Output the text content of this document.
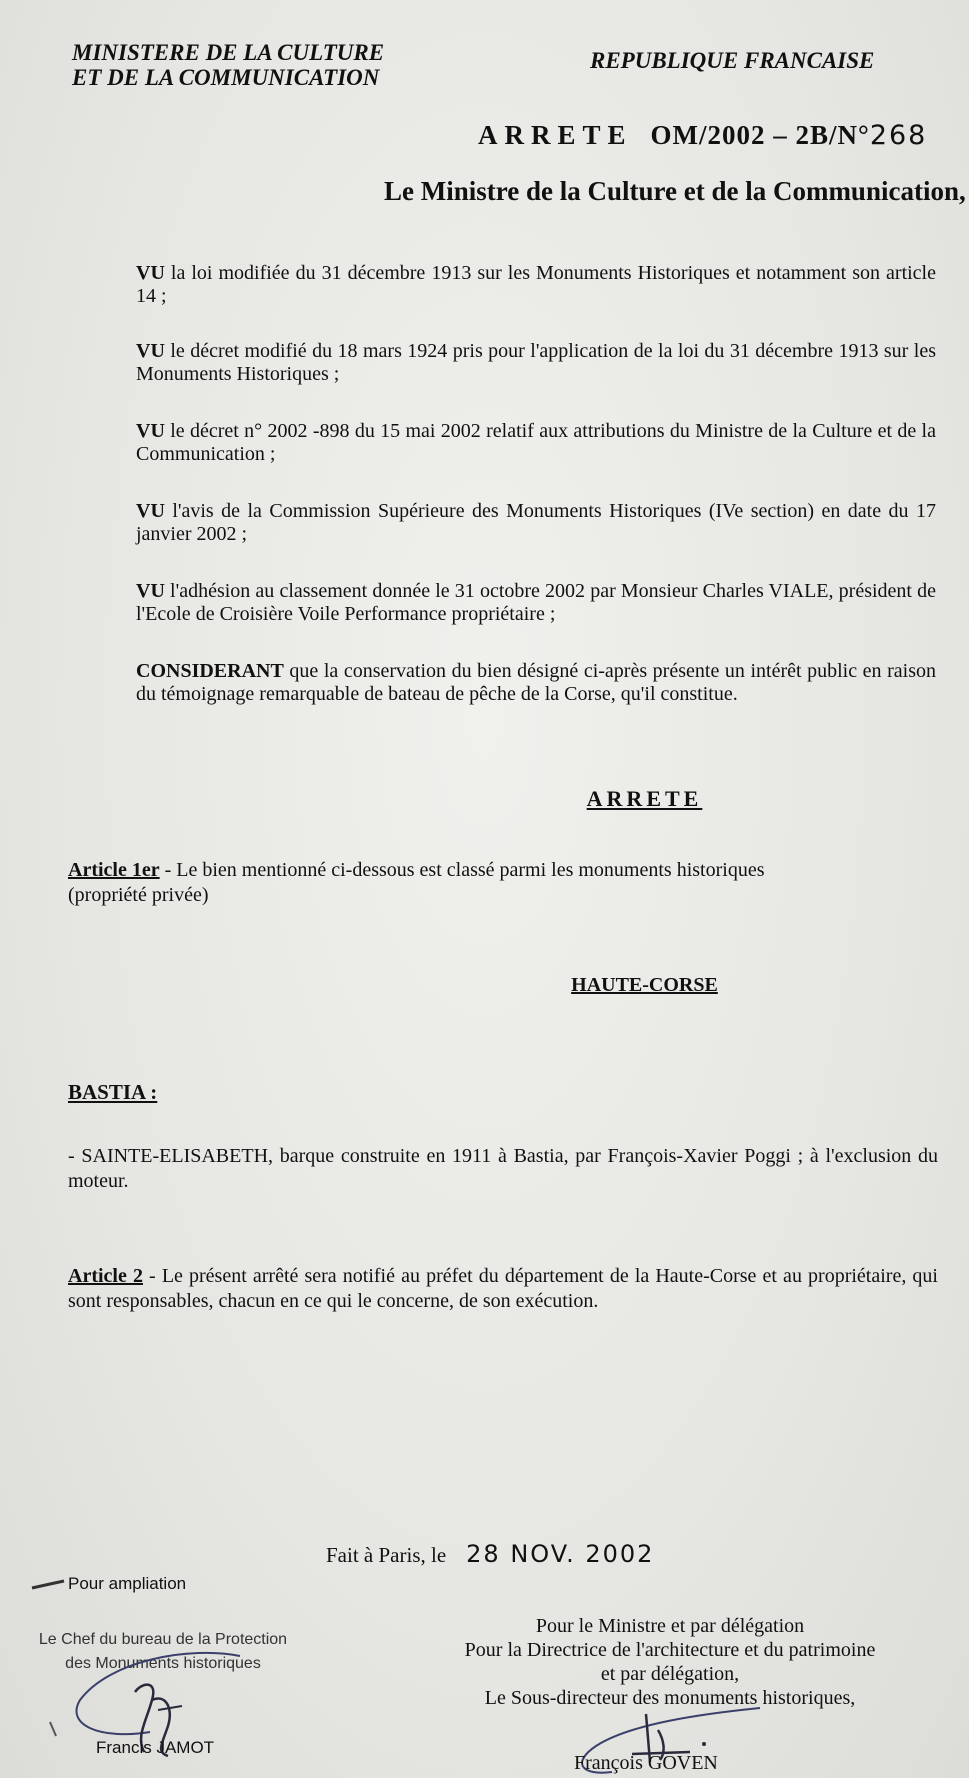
MINISTERE DE LA CULTURE
ET DE LA COMMUNICATION
REPUBLIQUE FRANCAISE
ARRETE OM/2002 – 2B/N°268
Le Ministre de la Culture et de la Communication,
VU la loi modifiée du 31 décembre 1913 sur les Monuments Historiques et notamment son article 14 ;
VU le décret modifié du 18 mars 1924 pris pour l'application de la loi du 31 décembre 1913 sur les Monuments Historiques ;
VU le décret n° 2002 -898 du 15 mai 2002 relatif aux attributions du Ministre de la Culture et de la Communication ;
VU l'avis de la Commission Supérieure des Monuments Historiques (IVe section) en date du 17 janvier 2002 ;
VU l'adhésion au classement donnée le 31 octobre 2002 par Monsieur Charles VIALE, président de l'Ecole de Croisière Voile Performance propriétaire ;
CONSIDERANT que la conservation du bien désigné ci-après présente un intérêt public en raison du témoignage remarquable de bateau de pêche de la Corse, qu'il constitue.
ARRETE
Article 1er - Le bien mentionné ci-dessous est classé parmi les monuments historiques
(propriété privée)
HAUTE-CORSE
BASTIA :
- SAINTE-ELISABETH, barque construite en 1911 à Bastia, par François-Xavier Poggi ; à l'exclusion du moteur.
Article 2 - Le présent arrêté sera notifié au préfet du département de la Haute-Corse et au propriétaire, qui sont responsables, chacun en ce qui le concerne, de son exécution.
Fait à Paris, le 28 NOV. 2002
Pour ampliation
Le Chef du bureau de la Protection
des Monuments historiques
Francis JAMOT
Pour le Ministre et par délégation
Pour la Directrice de l'architecture et du patrimoine
et par délégation,
Le Sous-directeur des monuments historiques,
François GOVEN
